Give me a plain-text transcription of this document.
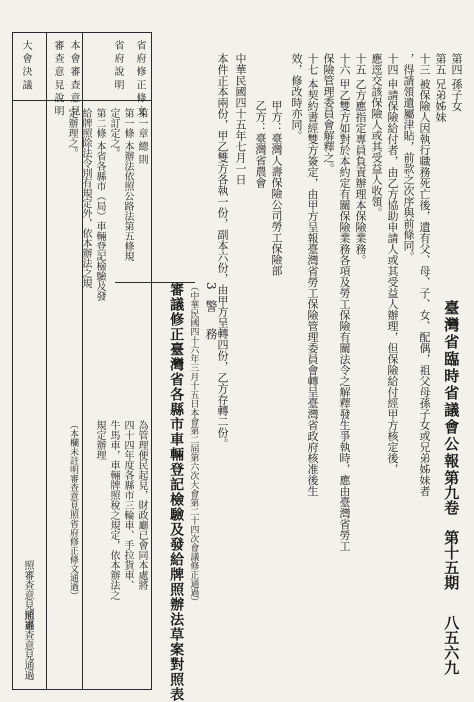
第四 孫子女
第五 兄弟姊妹
十三 被保險人因執行職務死亡後，遺有父、母、子、女、配偶，祖父母孫子女或兄弟姊妹者
，得請領遺屬津貼，前款之次序與前條同。
十四 申請保險給付者，由乙方協助申請人或其受益人辦理，但保險給付經甲方核定後，
應逕交該保險人或其受益人收領。
十五 乙方應指定專員負責辦理本保險業務。
十六 甲乙雙方如對於本約定有關保險業務各項及勞工保險有關法令之解釋發生爭執時，應由臺灣省勞工
保險管理委員會解釋之。
十七 本契約書經雙方簽定，由甲方呈報臺灣省勞工保險管理委員會轉呈臺灣省政府核准後生
效，修改時亦同。
甲方：臺灣人壽保險公司勞工保險部
乙方：臺灣省農會
中華民國四十五年七月一日
本件正本兩份，甲乙雙方各執一份，副本六份，由甲方呈轉四份，乙方存轉二份。
3
警 務
審議修正臺灣省各縣市車輛登記檢驗及發給牌照辦法草案對照表 （中華民國四十六年三月十五日本會第二屆第六次大會第二十四次會議修正通過）
省 府 修 正 條 文
省 府 說 明
本 會 審 查 意 見
審 查 意 見 說 明
大 會 決 議
第一章 總 則
第一條 本辦法依照公路法第五條規
定訂定之。
第二條 本省各縣市（局）車輛登記檢驗及發
給牌照除法令別有規定外，依本辦法之規
定辦理之。
為管理便民起見，財政廳已會同本處將
四十四年度各縣市三輪車、手拉貨車、
牛馬車，車輛牌照稅之規定，依本辦法之
規定辦理
（本欄未註明審查意見照省府修正條文通過）
照審查意見通過
照審查意見通過
臺灣省臨時省議會公報
第九卷
第十五期
八五六九
